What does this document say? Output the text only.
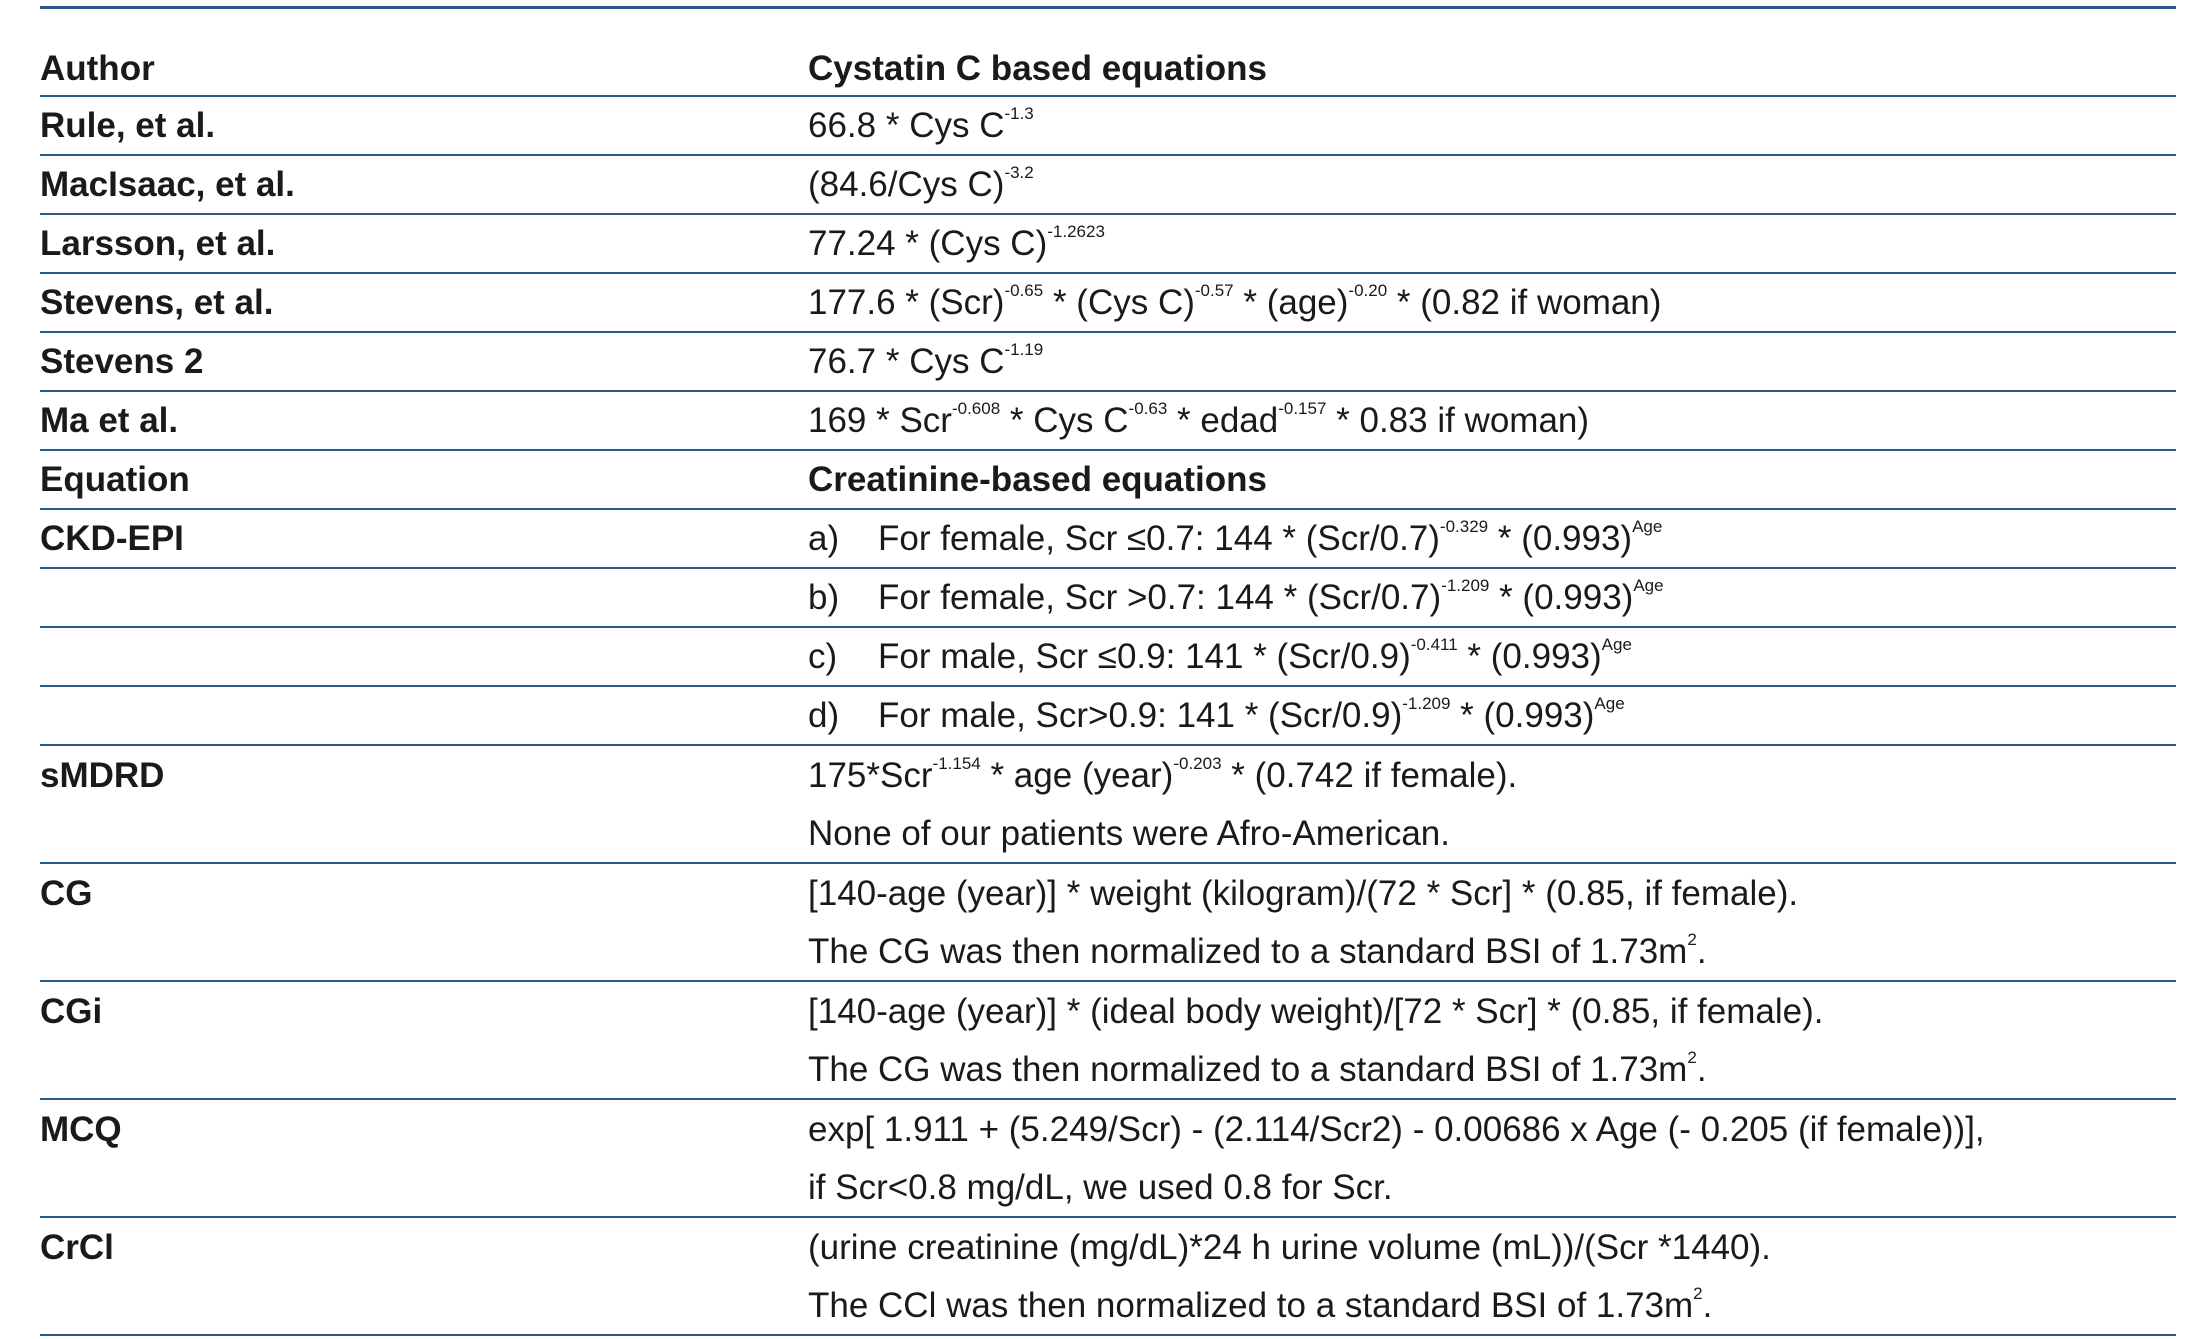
Author	Cystatin C based equations
Rule, et al.	66.8 * Cys $C^{-1.3}$
MacIsaac, et al.	(84.6/Cys C)$^{-3.2}$
Larsson, et al.	77.24 * (Cys C)$^{-1.2623}$
Stevens, et al.	177.6 * (Scr)$^{-0.65}$ * (Cys C)$^{-0.57}$ * (age)$^{-0.20}$ * (0.82 if woman)
Stevens 2	76.7 * Cys $C^{-1.19}$
Ma et al.	169 * Scr$^{-0.608}$ * Cys $C^{-0.63}$ * edad$^{-0.157}$ * 0.83 if woman)
Equation	Creatinine-based equations
CKD-EPI	a) For female, Scr ≤0.7: $144 * (Scr/0.7)^{-0.329} * (0.993)^{Age}$
b) For female, Scr >0.7: $144 * (Scr/0.7)^{-1.209} * (0.993)^{Age}$
c) For male, Scr ≤0.9: $141 * (Scr/0.9)^{-0.411} * (0.993)^{Age}$
d) For male, Scr>0.9: $141 * (Scr/0.9)^{-1.209} * (0.993)^{Age}$
sMDRD	175*Scr$^{-1.154}$ * age (year)$^{-0.203}$ * (0.742 if female).
None of our patients were Afro-American.
CG	[140-age (year)] * weight (kilogram)/(72 * Scr] * (0.85, if female).
The CG was then normalized to a standard BSI of $1.73m^2$.
CGi	[140-age (year)] * (ideal body weight)/[72 * Scr] * (0.85, if female).
The CG was then normalized to a standard BSI of $1.73m^2$.
MCQ	exp[ 1.911 + (5.249/Scr) - (2.114/Scr2) - 0.00686 x Age (- 0.205 (if female))],
if Scr<0.8 mg/dL, we used 0.8 for Scr.
CrCl	(urine creatinine (mg/dL)*24 h urine volume (mL))/(Scr *1440).
The CCl was then normalized to a standard BSI of $1.73m^2$.
